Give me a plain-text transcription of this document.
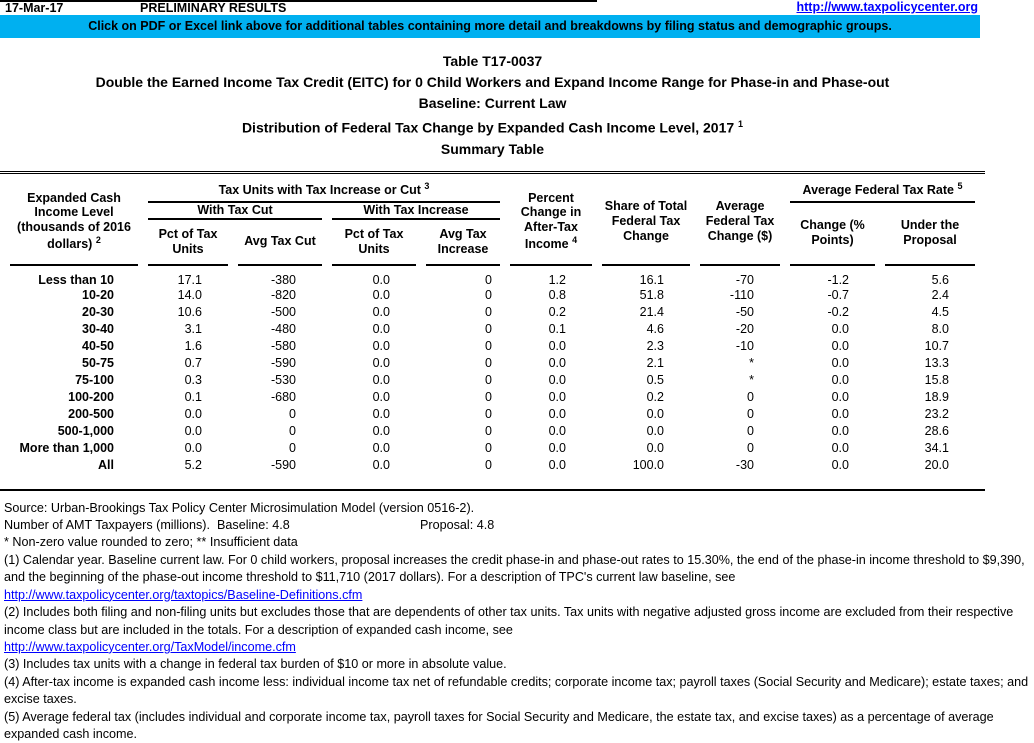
17-Mar-17	PRELIMINARY RESULTS	http://www.taxpolicycenter.org
Click on PDF or Excel link above for additional tables containing more detail and breakdowns by filing status and demographic groups.
Table T17-0037
Double the Earned Income Tax Credit (EITC) for 0 Child Workers and Expand Income Range for Phase-in and Phase-out
Baseline: Current Law
Distribution of Federal Tax Change by Expanded Cash Income Level, 2017 $^1$
Summary Table
Expanded Cash Income Level (thousands of 2016 dollars) $^2$	Tax Units with Tax Increase or Cut $^3$				Percent Change in After-Tax Income $^4$	Share of Total Federal Tax Change	Average Federal Tax Change ($)	Average Federal Tax Rate $^5$
	With Tax Cut		With Tax Increase					Change (% Points)	Under the Proposal
	Pct of Tax Units	Avg Tax Cut	Pct of Tax Units	Avg Tax Increase					
Less than 10	17.1	-380	0.0	0	1.2	16.1	-70	-1.2	5.6
10-20	14.0	-820	0.0	0	0.8	51.8	-110	-0.7	2.4
20-30	10.6	-500	0.0	0	0.2	21.4	-50	-0.2	4.5
30-40	3.1	-480	0.0	0	0.1	4.6	-20	0.0	8.0
40-50	1.6	-580	0.0	0	0.0	2.3	-10	0.0	10.7
50-75	0.7	-590	0.0	0	0.0	2.1	*	0.0	13.3
75-100	0.3	-530	0.0	0	0.0	0.5	*	0.0	15.8
100-200	0.1	-680	0.0	0	0.0	0.2	0	0.0	18.9
200-500	0.0	0	0.0	0	0.0	0.0	0	0.0	23.2
500-1,000	0.0	0	0.0	0	0.0	0.0	0	0.0	28.6
More than 1,000	0.0	0	0.0	0	0.0	0.0	0	0.0	34.1
All	5.2	-590	0.0	0	0.0	100.0	-30	0.0	20.0
Source: Urban-Brookings Tax Policy Center Microsimulation Model (version 0516-2).
Number of AMT Taxpayers (millions).  Baseline: 4.8	Proposal: 4.8
* Non-zero value rounded to zero; ** Insufficient data
(1) Calendar year. Baseline current law. For 0 child workers, proposal increases the credit phase-in and phase-out rates to 15.30%, the end of the phase-in income threshold to $9,390, and the beginning of the phase-out income threshold to $11,710 (2017 dollars). For a description of TPC's current law baseline, see
http://www.taxpolicycenter.org/taxtopics/Baseline-Definitions.cfm
(2) Includes both filing and non-filing units but excludes those that are dependents of other tax units. Tax units with negative adjusted gross income are excluded from their respective income class but are included in the totals. For a description of expanded cash income, see
http://www.taxpolicycenter.org/TaxModel/income.cfm
(3) Includes tax units with a change in federal tax burden of $10 or more in absolute value.
(4) After-tax income is expanded cash income less: individual income tax net of refundable credits; corporate income tax; payroll taxes (Social Security and Medicare); estate taxes; and excise taxes.
(5) Average federal tax (includes individual and corporate income tax, payroll taxes for Social Security and Medicare, the estate tax, and excise taxes) as a percentage of average expanded cash income.
